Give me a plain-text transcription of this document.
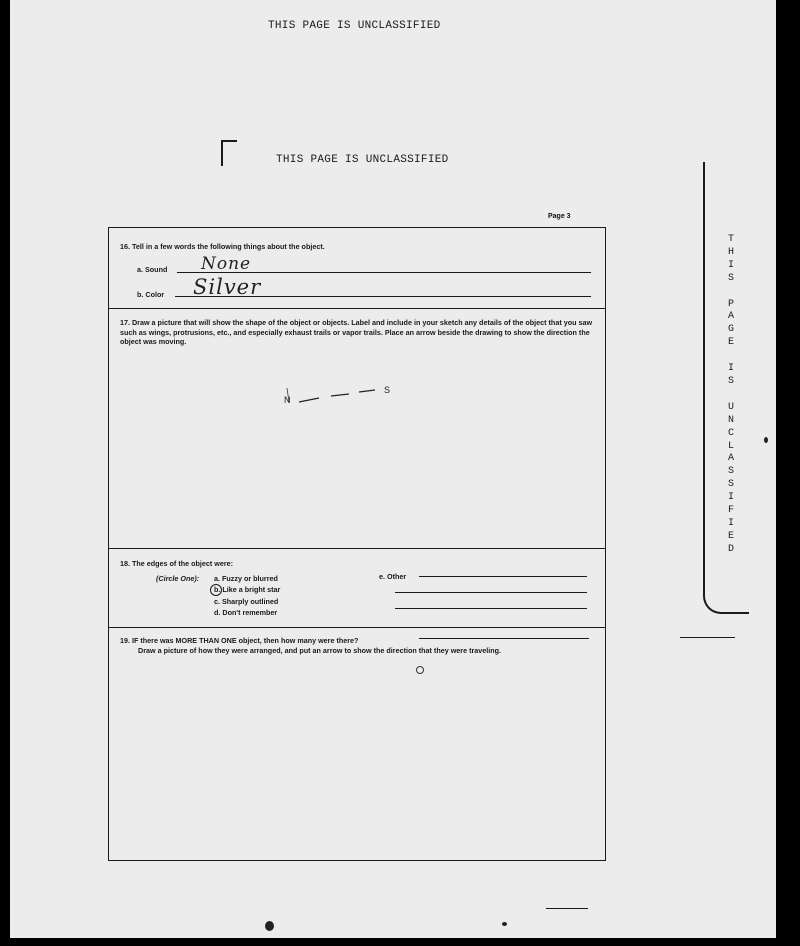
THIS PAGE IS UNCLASSIFIED
THIS PAGE IS UNCLASSIFIED
T
H
I
S

P
A
G
E

I
S

U
N
C
L
A
S
S
I
F
I
E
D
Page 3
16. Tell in a few words the following things about the object.
a. Sound None
b. Color Silver
17. Draw a picture that will show the shape of the object or objects. Label and include in your sketch any details of the object that you saw such as wings, protrusions, etc., and especially exhaust trails or vapor trails. Place an arrow beside the drawing to show the direction the object was moving.
N
S
18. The edges of the object were:
(Circle One): a. Fuzzy or blurred
b. Like a bright star
c. Sharply outlined
d. Don't remember
e. Other
19. IF there was MORE THAN ONE object, then how many were there?
Draw a picture of how they were arranged, and put an arrow to show the direction that they were traveling.
